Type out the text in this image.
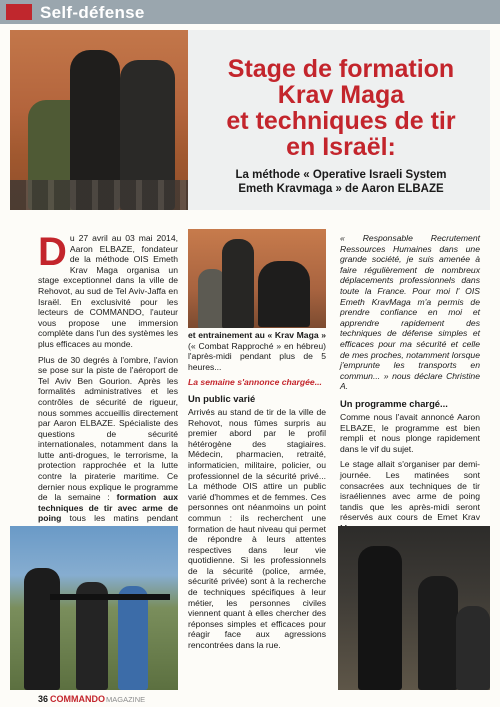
Self-défense
Stage de formation
Krav Maga
et techniques de tir
en Israël:
La méthode « Operative Israeli System
Emeth Kravmaga » de Aaron ELBAZE

Du 27 avril au 03 mai 2014, Aaron ELBAZE, fondateur de la méthode OIS Emeth Krav Maga organisa un stage exceptionnel dans la ville de Rehovot, au sud de Tel Aviv-Jaffa en Israël. En exclusivité pour les lecteurs de COMMANDO, l'auteur vous propose une immersion complète dans l'un des systèmes les plus efficaces au monde.

Plus de 30 degrés à l'ombre, l'avion se pose sur la piste de l'aéroport de Tel Aviv Ben Gourion. Après les formalités administratives et les contrôles de sécurité de rigueur, nous sommes accueillis directement par Aaron ELBAZE. Spécialiste des questions de sécurité internationales, notamment dans la lutte anti-drogues, le terrorisme, la protection rapprochée et la lutte contre la piraterie maritime. Ce dernier nous explique le programme de la semaine : formation aux techniques de tir avec arme de poing tous les matins pendant

et entrainement au « Krav Maga » (« Combat Rapproché » en hébreu) l'après-midi pendant plus de 5 heures...

La semaine s'annonce chargée...

Un public varié

Arrivés au stand de tir de la ville de Rehovot, nous fûmes surpris au premier abord par le profil hétérogène des stagiaires. Médecin, pharmacien, retraité, informaticien, militaire, policier, ou professionnel de la sécurité privé... La méthode OIS attire un public varié d'hommes et de femmes. Ces personnes ont néanmoins un point commun : ils recherchent une formation de haut niveau qui permet de répondre à leurs attentes respectives dans leur vie quotidienne. Si les professionnels de la sécurité (police, armée, sécurité privée) sont à la recherche de techniques spécifiques à leur métier, les personnes civiles viennent quant à elles chercher des réponses simples et efficaces pour réagir face aux agressions rencontrées dans la rue.

« Responsable Recrutement Ressources Humaines dans une grande société, je suis amenée à faire régulièrement de nombreux déplacements professionnels dans toute la France. Pour moi l' OIS Emeth KravMaga m'a permis de prendre confiance en moi et apprendre rapidement des techniques de défense simples et efficaces pour ma sécurité et celle de mes proches, notamment lorsque j'emprunte les transports en commun... » nous déclare Christine A.

Un programme chargé...

Comme nous l'avait annoncé Aaron ELBAZE, le programme est bien rempli et nous plonge rapidement dans le vif du sujet.

Le stage allait s'organiser par demi-journée. Les matinées sont consacrées aux techniques de tir israéliennes avec arme de poing tandis que les après-midi seront réservés aux cours de Emet Krav

36 COMMANDOMAGAZINE
